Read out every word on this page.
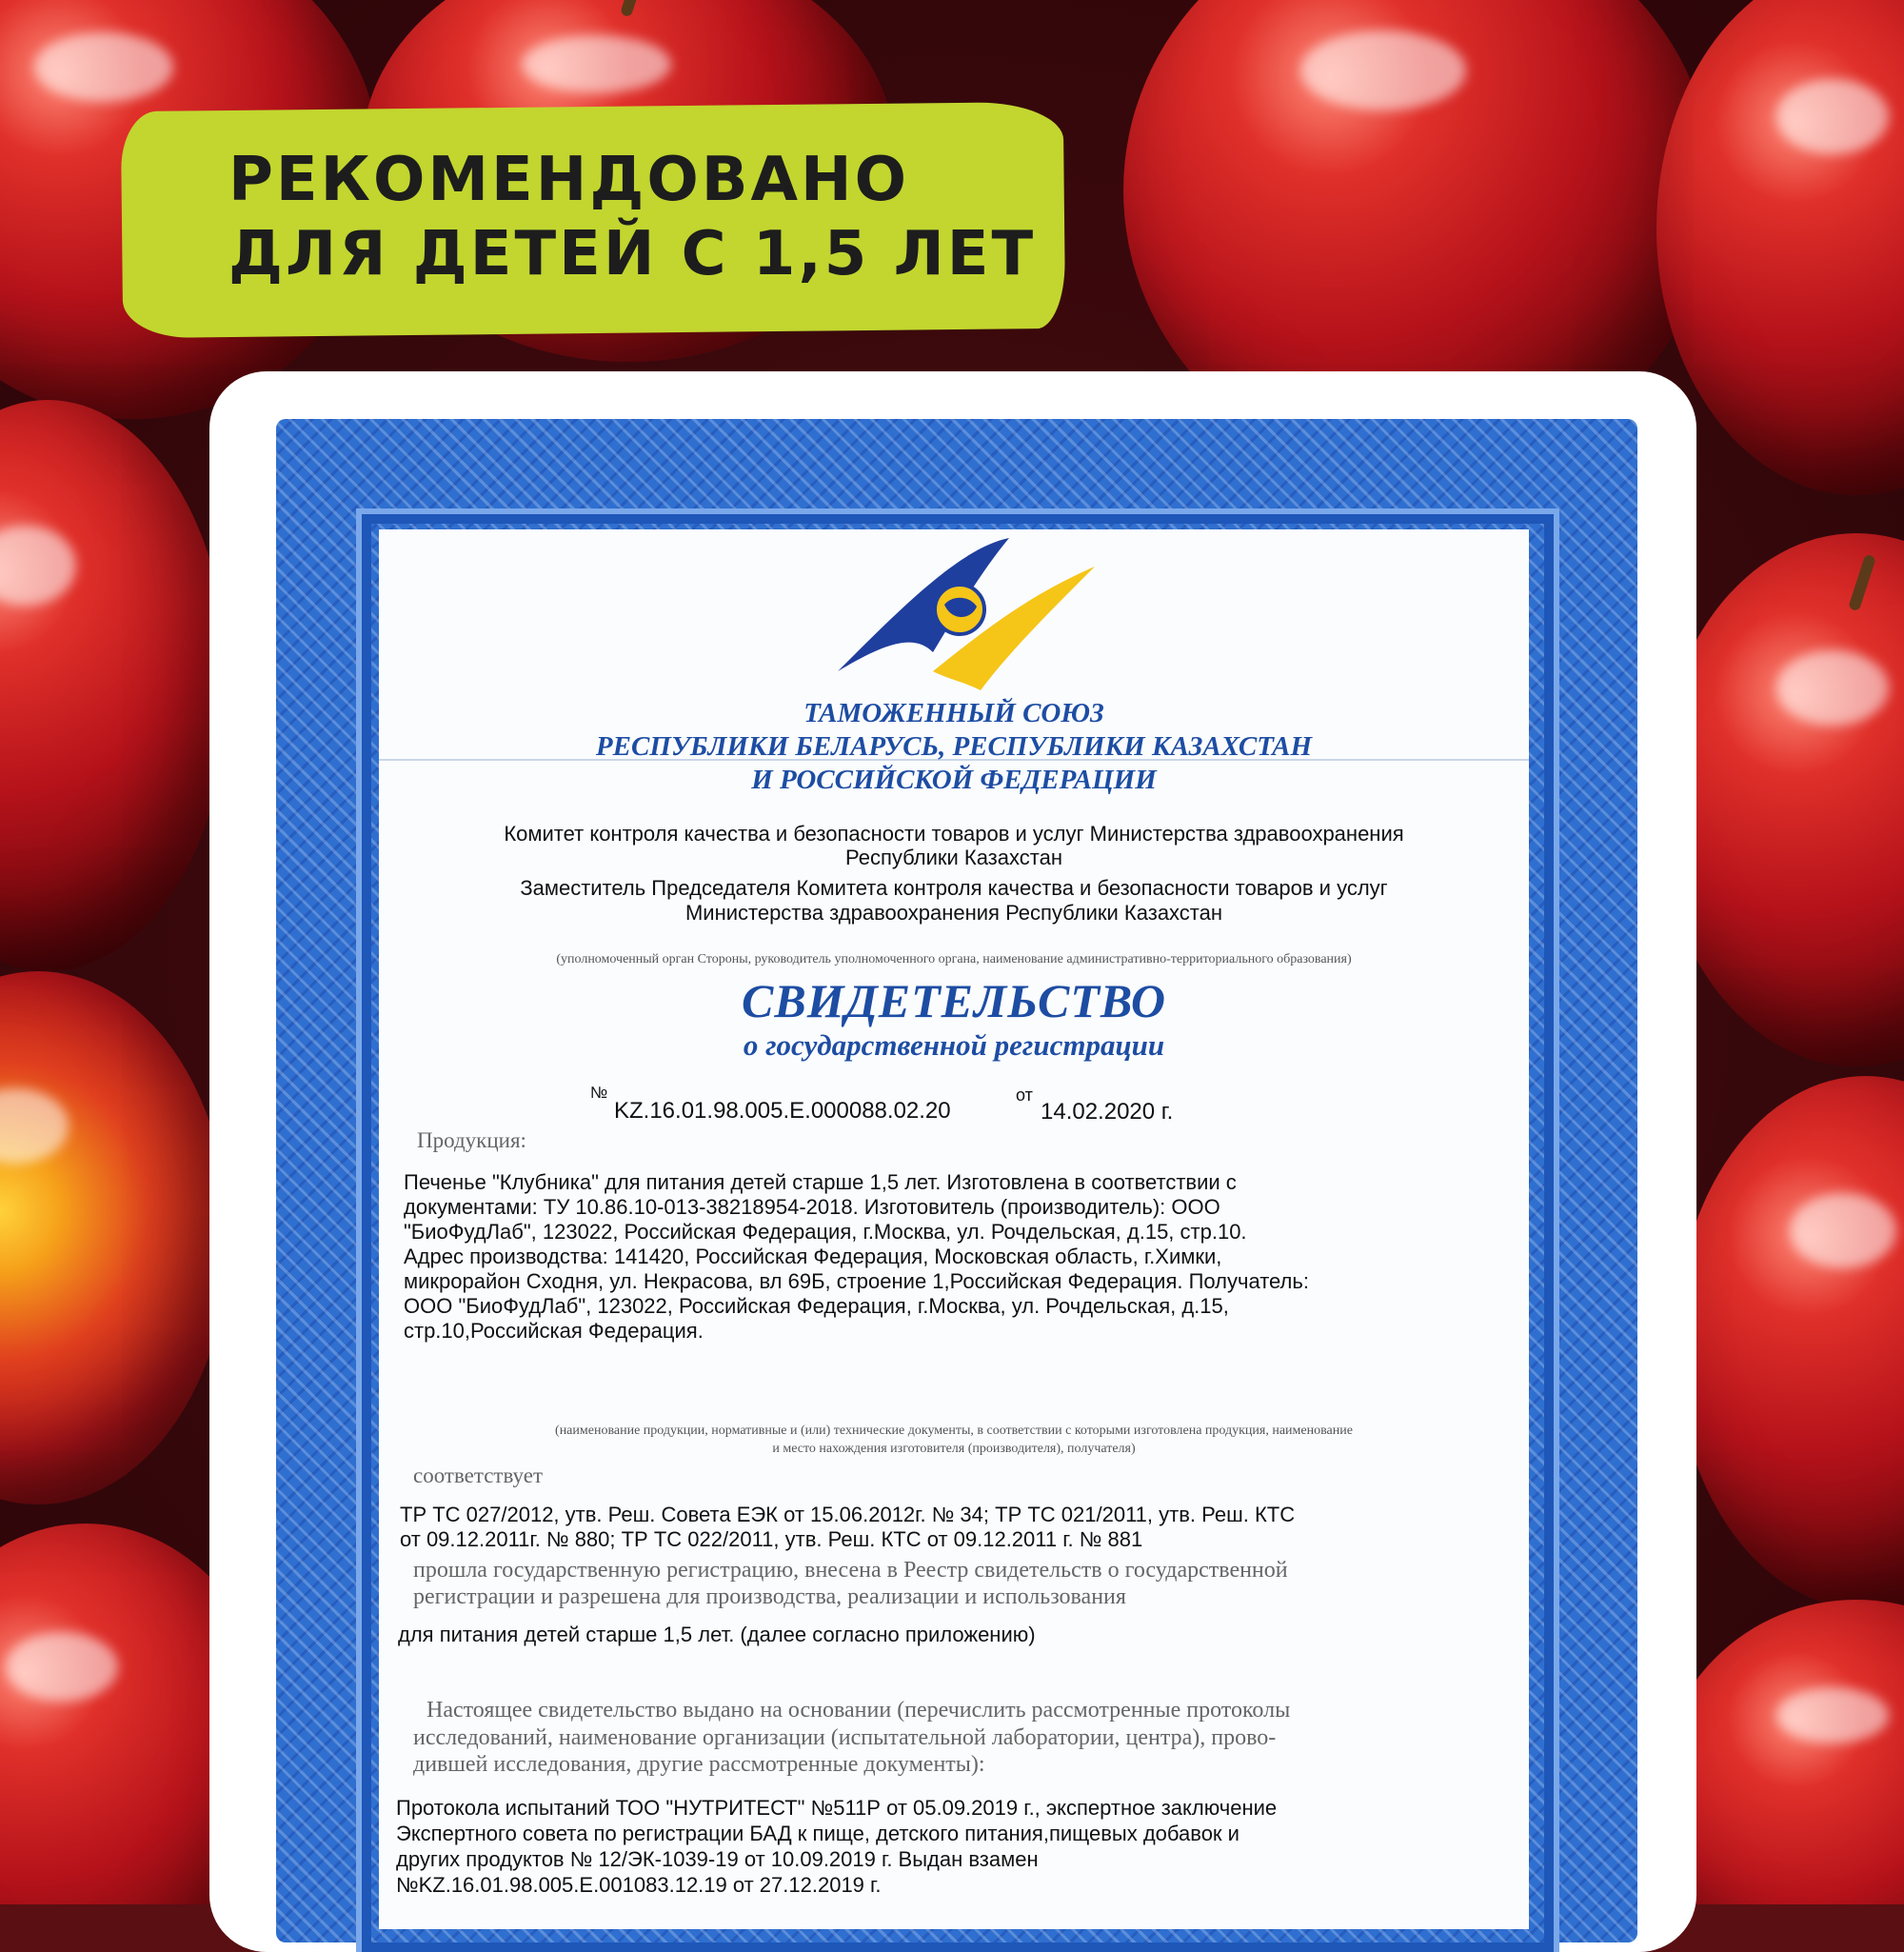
РЕКОМЕНДОВАНО
ДЛЯ ДЕТЕЙ С 1,5 ЛЕТ

ТАМОЖЕННЫЙ СОЮЗ

РЕСПУБЛИКИ БЕЛАРУСЬ, РЕСПУБЛИКИ КАЗАХСТАН

И РОССИЙСКОЙ ФЕДЕРАЦИИ

Комитет контроля качества и безопасности товаров и услуг Министерства здравоохранения

Республики Казахстан

Заместитель Председателя Комитета контроля качества и безопасности товаров и услуг

Министерства здравоохранения Республики Казахстан

(уполномоченный орган Стороны, руководитель уполномоченного органа, наименование административно-территориального образования)

СВИДЕТЕЛЬСТВО

о государственной регистрации

№

KZ.16.01.98.005.E.000088.02.20

от

14.02.2020 г.

Продукция:

Печенье "Клубника" для питания детей старше 1,5 лет. Изготовлена в соответствии с

документами: ТУ 10.86.10-013-38218954-2018. Изготовитель (производитель): ООО

"БиоФудЛаб", 123022, Российская Федерация, г.Москва, ул. Рочдельская, д.15, стр.10.

Адрес производства: 141420, Российская Федерация, Московская область, г.Химки,

микрорайон Сходня, ул. Некрасова, вл 69Б, строение 1,Российская Федерация. Получатель:

ООО "БиоФудЛаб", 123022, Российская Федерация, г.Москва, ул. Рочдельская, д.15,

стр.10,Российская Федерация.

(наименование продукции, нормативные и (или) технические документы, в соответствии с которыми изготовлена продукция, наименование

и место нахождения изготовителя (производителя), получателя)

соответствует

ТР ТС 027/2012, утв. Реш. Совета ЕЭК от 15.06.2012г. № 34; ТР ТС 021/2011, утв. Реш. КТС

от 09.12.2011г. № 880; ТР ТС 022/2011, утв. Реш. КТС от 09.12.2011 г. № 881

прошла государственную регистрацию, внесена в Реестр свидетельств о государственной

регистрации и разрешена для производства, реализации и использования

для питания детей старше 1,5 лет. (далее согласно приложению)

Настоящее свидетельство выдано на основании (перечислить рассмотренные протоколы

исследований, наименование организации (испытательной лаборатории, центра), прово-

дившей исследования, другие рассмотренные документы):

Протокола испытаний ТОО "НУТРИТЕСТ" №511Р от 05.09.2019 г., экспертное заключение

Экспертного совета по регистрации БАД к пище, детского питания,пищевых добавок и

других продуктов № 12/ЭК-1039-19 от 10.09.2019 г. Выдан взамен

№KZ.16.01.98.005.E.001083.12.19 от 27.12.2019 г.
